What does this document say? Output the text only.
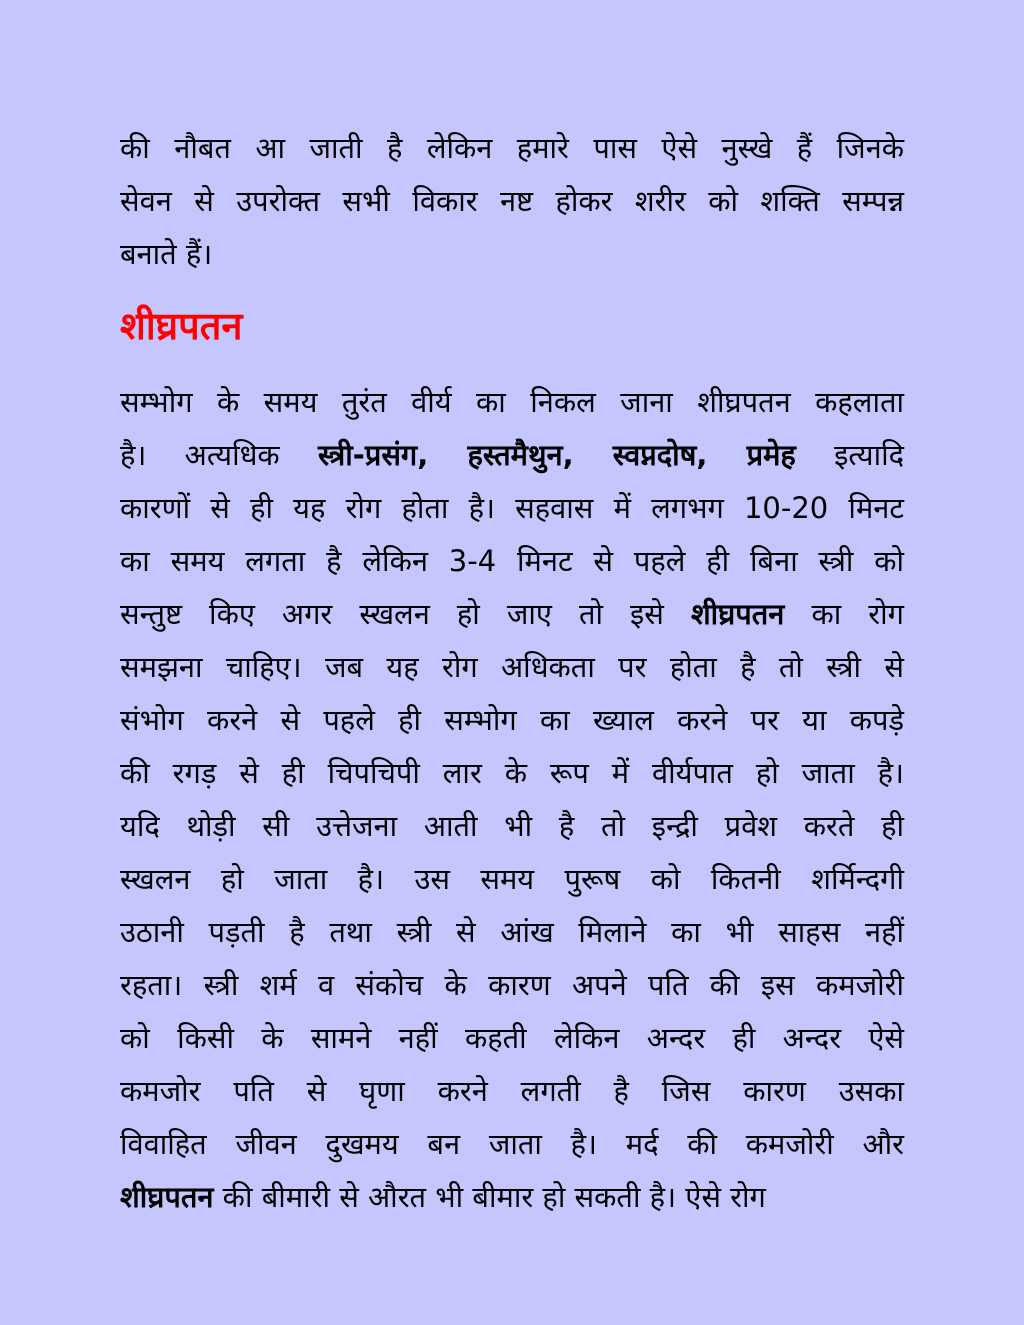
की नौबत आ जाती है लेकिन हमारे पास ऐसे नुस्खे हैं जिनके
सेवन से उपरोक्त सभी विकार नष्ट होकर शरीर को शक्ति सम्पन्न
बनाते हैं।
शीघ्रपतन
सम्भोग के समय तुरंत वीर्य का निकल जाना शीघ्रपतन कहलाता
है। अत्यधिक स्त्री-प्रसंग, हस्तमैथुन, स्वप्नदोष, प्रमेह इत्यादि
कारणों से ही यह रोग होता है। सहवास में लगभग 10-20 मिनट
का समय लगता है लेकिन 3-4 मिनट से पहले ही बिना स्त्री को
सन्तुष्ट किए अगर स्खलन हो जाए तो इसे शीघ्रपतन का रोग
समझना चाहिए। जब यह रोग अधिकता पर होता है तो स्त्री से
संभोग करने से पहले ही सम्भोग का ख्याल करने पर या कपड़े
की रगड़ से ही चिपचिपी लार के रूप में वीर्यपात हो जाता है।
यदि थोड़ी सी उत्तेजना आती भी है तो इन्द्री प्रवेश करते ही
स्खलन हो जाता है। उस समय पुरूष को कितनी शर्मिन्दगी
उठानी पड़ती है तथा स्त्री से आंख मिलाने का भी साहस नहीं
रहता। स्त्री शर्म व संकोच के कारण अपने पति की इस कमजोरी
को किसी के सामने नहीं कहती लेकिन अन्दर ही अन्दर ऐसे
कमजोर पति से घृणा करने लगती है जिस कारण उसका
विवाहित जीवन दुखमय बन जाता है। मर्द की कमजोरी और
शीघ्रपतन की बीमारी से औरत भी बीमार हो सकती है। ऐसे रोग
